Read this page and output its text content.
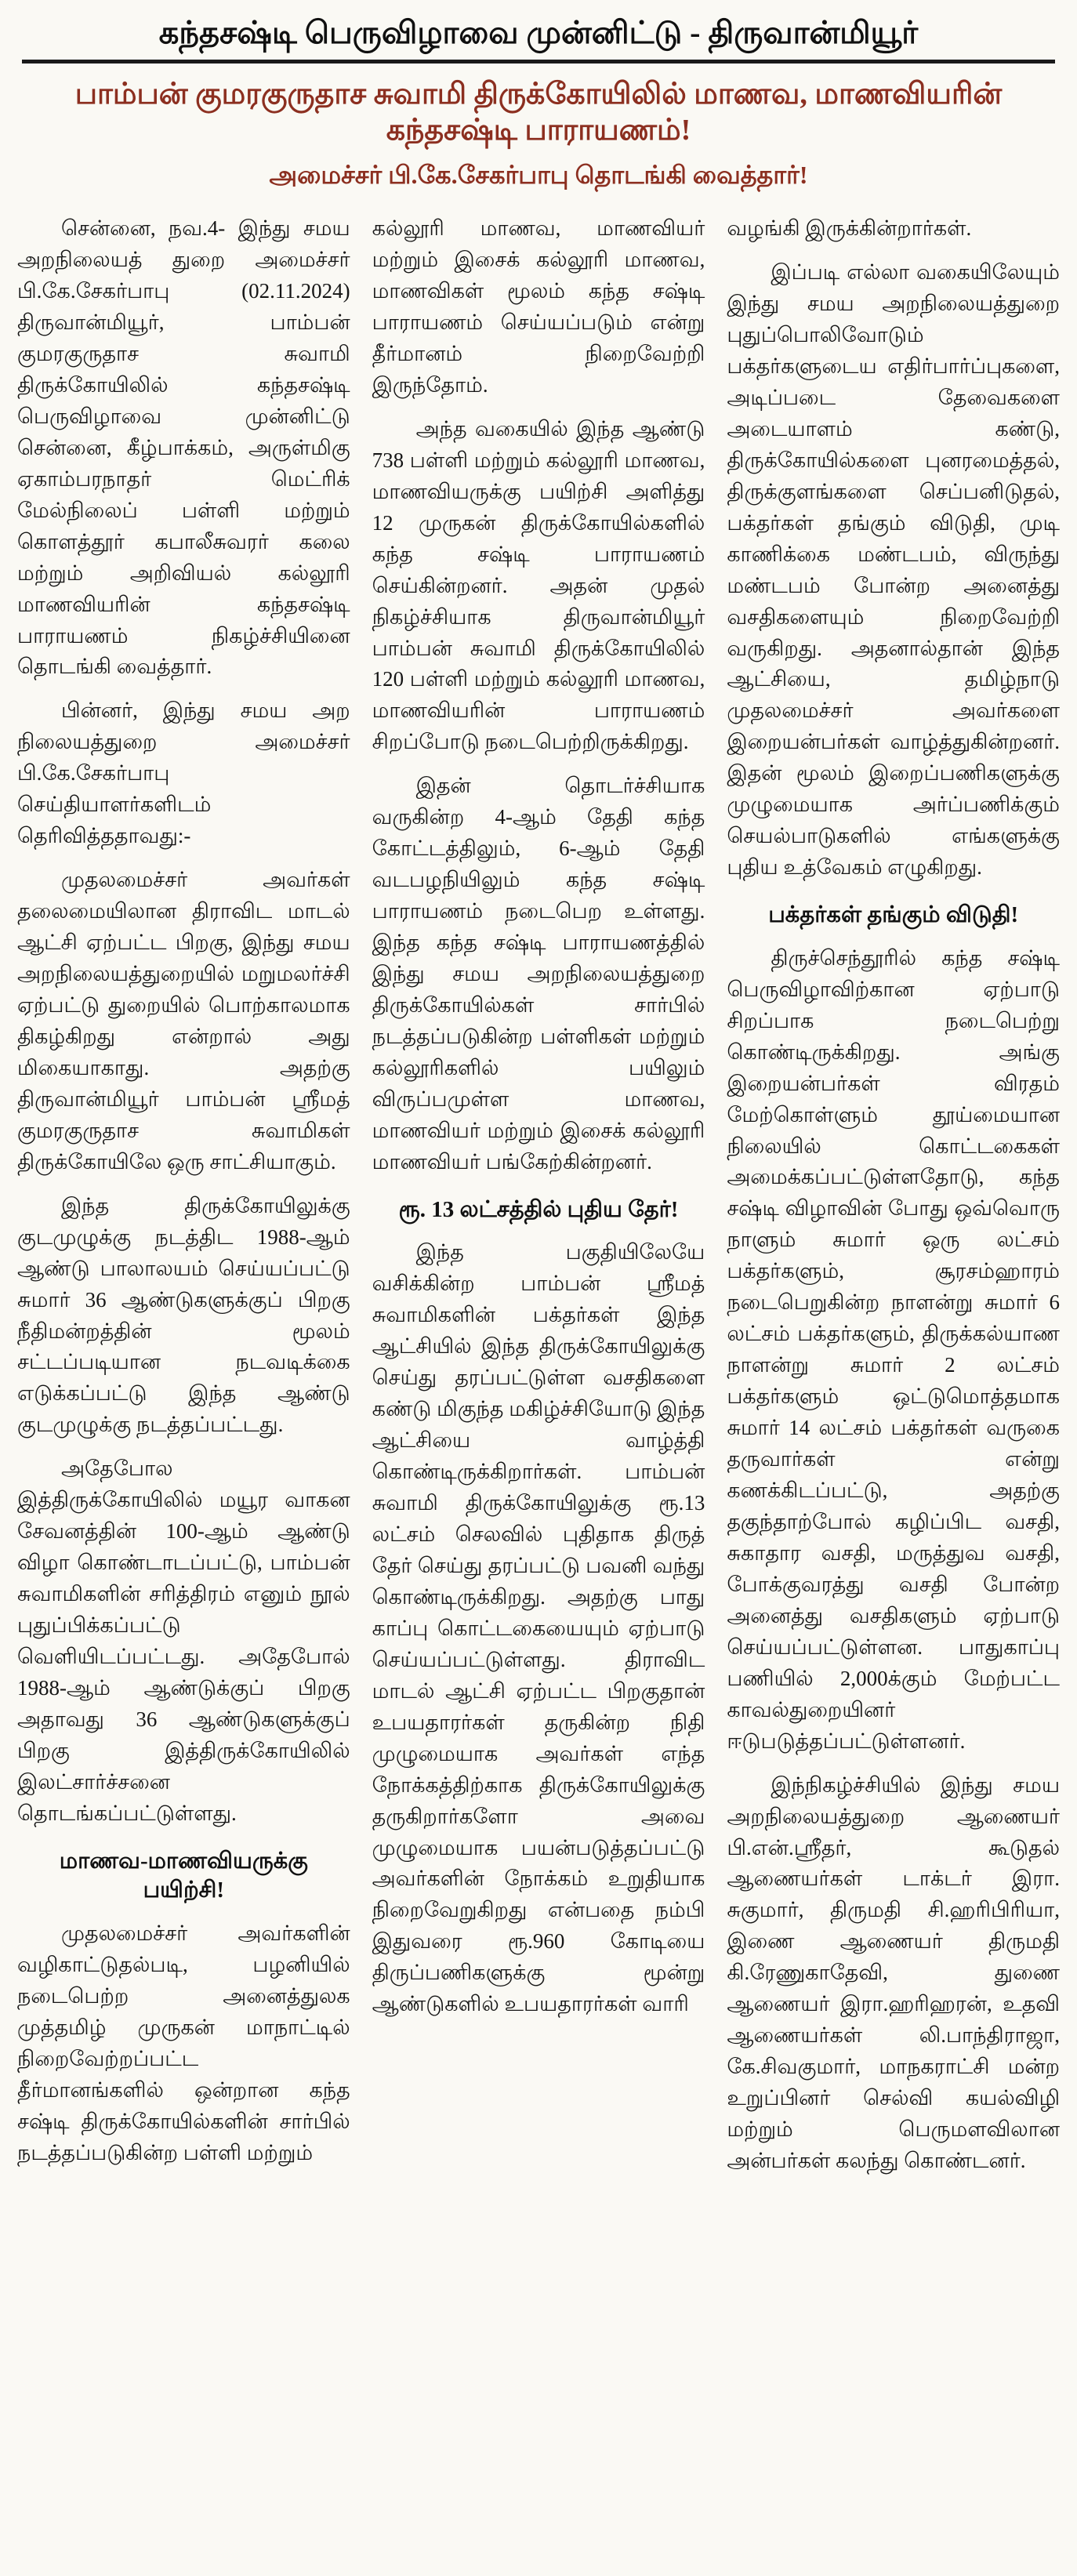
கந்தசஷ்டி பெருவிழாவை முன்னிட்டு - திருவான்மியூர்
பாம்பன் குமரகுருதாச சுவாமி திருக்கோயிலில் மாணவ, மாணவியரின் கந்தசஷ்டி பாராயணம்!
அமைச்சர் பி.கே.சேகர்பாபு தொடங்கி வைத்தார்!

சென்னை, நவ.4- இந்து சமய அறநிலையத் துறை அமைச்சர் பி.கே.சேகர்பாபு (02.11.2024) திருவான்மியூர், பாம்பன் குமரகுருதாச சுவாமி திருக்கோயிலில் கந்தசஷ்டி பெருவிழாவை முன்னிட்டு சென்னை, கீழ்பாக்கம், அருள்மிகு ஏகாம்பரநாதர் மெட்ரிக் மேல்நிலைப் பள்ளி மற்றும் கொளத்தூர் கபாலீசுவரர் கலை மற்றும் அறிவியல் கல்லூரி மாணவியரின் கந்தசஷ்டி பாராயணம் நிகழ்ச்சியினை தொடங்கி வைத்தார்.

பின்னர், இந்து சமய அற நிலையத்துறை அமைச்சர் பி.கே.சேகர்பாபு செய்தியாளர்களிடம் தெரிவித்ததாவது:-

முதலமைச்சர் அவர்கள் தலைமையிலான திராவிட மாடல் ஆட்சி ஏற்பட்ட பிறகு, இந்து சமய அறநிலையத்துறையில் மறுமலர்ச்சி ஏற்பட்டு துறையில் பொற்காலமாக திகழ்கிறது என்றால் அது மிகையாகாது. அதற்கு திருவான்மியூர் பாம்பன் ஸ்ரீமத் குமரகுருதாச சுவாமிகள் திருக்கோயிலே ஒரு சாட்சியாகும்.

இந்த திருக்கோயிலுக்கு குடமுழுக்கு நடத்திட 1988-ஆம் ஆண்டு பாலாலயம் செய்யப்பட்டு சுமார் 36 ஆண்டுகளுக்குப் பிறகு நீதிமன்றத்தின் மூலம் சட்டப்படியான நடவடிக்கை எடுக்கப்பட்டு இந்த ஆண்டு குடமுழுக்கு நடத்தப்பட்டது.

அதேபோல இத்திருக்கோயிலில் மயூர வாகன சேவனத்தின் 100-ஆம் ஆண்டு விழா கொண்டாடப்பட்டு, பாம்பன் சுவாமிகளின் சரித்திரம் எனும் நூல் புதுப்பிக்கப்பட்டு வெளியிடப்பட்டது. அதேபோல் 1988-ஆம் ஆண்டுக்குப் பிறகு அதாவது 36 ஆண்டுகளுக்குப் பிறகு இத்திருக்கோயிலில் இலட்சார்ச்சனை தொடங்கப்பட்டுள்ளது.

மாணவ-மாணவியருக்கு பயிற்சி!

முதலமைச்சர் அவர்களின் வழிகாட்டுதல்படி, பழனியில் நடைபெற்ற அனைத்துலக முத்தமிழ் முருகன் மாநாட்டில் நிறைவேற்றப்பட்ட தீர்மானங்களில் ஒன்றான கந்த சஷ்டி திருக்கோயில்களின் சார்பில் நடத்தப்படுகின்ற பள்ளி மற்றும்

கல்லூரி மாணவ, மாணவியர் மற்றும் இசைக் கல்லூரி மாணவ, மாணவிகள் மூலம் கந்த சஷ்டி பாராயணம் செய்யப்படும் என்று தீர்மானம் நிறைவேற்றி இருந்தோம்.

அந்த வகையில் இந்த ஆண்டு 738 பள்ளி மற்றும் கல்லூரி மாணவ, மாணவியருக்கு பயிற்சி அளித்து 12 முருகன் திருக்கோயில்களில் கந்த சஷ்டி பாராயணம் செய்கின்றனர். அதன் முதல் நிகழ்ச்சியாக திருவான்மியூர் பாம்பன் சுவாமி திருக்கோயிலில் 120 பள்ளி மற்றும் கல்லூரி மாணவ, மாணவியரின் பாராயணம் சிறப்போடு நடைபெற்றிருக்கிறது.

இதன் தொடர்ச்சியாக வருகின்ற 4-ஆம் தேதி கந்த கோட்டத்திலும், 6-ஆம் தேதி வடபழநியிலும் கந்த சஷ்டி பாராயணம் நடைபெற உள்ளது. இந்த கந்த சஷ்டி பாராயணத்தில் இந்து சமய அறநிலையத்துறை திருக்கோயில்கள் சார்பில் நடத்தப்படுகின்ற பள்ளிகள் மற்றும் கல்லூரிகளில் பயிலும் விருப்பமுள்ள மாணவ, மாணவியர் மற்றும் இசைக் கல்லூரி மாணவியர் பங்கேற்கின்றனர்.

ரூ. 13 லட்சத்தில் புதிய தேர்!

இந்த பகுதியிலேயே வசிக்கின்ற பாம்பன் ஸ்ரீமத் சுவாமிகளின் பக்தர்கள் இந்த ஆட்சியில் இந்த திருக்கோயிலுக்கு செய்து தரப்பட்டுள்ள வசதிகளை கண்டு மிகுந்த மகிழ்ச்சியோடு இந்த ஆட்சியை வாழ்த்தி கொண்டிருக்கிறார்கள். பாம்பன் சுவாமி திருக்கோயிலுக்கு ரூ.13 லட்சம் செலவில் புதிதாக திருத் தேர் செய்து தரப்பட்டு பவனி வந்து கொண்டிருக்கிறது. அதற்கு பாது காப்பு கொட்டகையையும் ஏற்பாடு செய்யப்பட்டுள்ளது. திராவிட மாடல் ஆட்சி ஏற்பட்ட பிறகுதான் உபயதாரர்கள் தருகின்ற நிதி முழுமையாக அவர்கள் எந்த நோக்கத்திற்காக திருக்கோயிலுக்கு தருகிறார்களோ அவை முழுமையாக பயன்படுத்தப்பட்டு அவர்களின் நோக்கம் உறுதியாக நிறைவேறுகிறது என்பதை நம்பி இதுவரை ரூ.960 கோடியை திருப்பணிகளுக்கு மூன்று ஆண்டுகளில் உபயதாரர்கள் வாரி

வழங்கி இருக்கின்றார்கள்.

இப்படி எல்லா வகையிலேயும் இந்து சமய அறநிலையத்துறை புதுப்பொலிவோடும் பக்தர்களுடைய எதிர்பார்ப்புகளை, அடிப்படை தேவைகளை அடையாளம் கண்டு, திருக்கோயில்களை புனரமைத்தல், திருக்குளங்களை செப்பனிடுதல், பக்தர்கள் தங்கும் விடுதி, முடி காணிக்கை மண்டபம், விருந்து மண்டபம் போன்ற அனைத்து வசதிகளையும் நிறைவேற்றி வருகிறது. அதனால்தான் இந்த ஆட்சியை, தமிழ்நாடு முதலமைச்சர் அவர்களை இறையன்பர்கள் வாழ்த்துகின்றனர். இதன் மூலம் இறைப்பணிகளுக்கு முழுமையாக அர்ப்பணிக்கும் செயல்பாடுகளில் எங்களுக்கு புதிய உத்வேகம் எழுகிறது.

பக்தர்கள் தங்கும் விடுதி!

திருச்செந்தூரில் கந்த சஷ்டி பெருவிழாவிற்கான ஏற்பாடு சிறப்பாக நடைபெற்று கொண்டிருக்கிறது. அங்கு இறையன்பர்கள் விரதம் மேற்கொள்ளும் தூய்மையான நிலையில் கொட்டகைகள் அமைக்கப்பட்டுள்ளதோடு, கந்த சஷ்டி விழாவின் போது ஒவ்வொரு நாளும் சுமார் ஒரு லட்சம் பக்தர்களும், சூரசம்ஹாரம் நடைபெறுகின்ற நாளன்று சுமார் 6 லட்சம் பக்தர்களும், திருக்கல்யாண நாளன்று சுமார் 2 லட்சம் பக்தர்களும் ஒட்டுமொத்தமாக சுமார் 14 லட்சம் பக்தர்கள் வருகை தருவார்கள் என்று கணக்கிடப்பட்டு, அதற்கு தகுந்தாற்போல் கழிப்பிட வசதி, சுகாதார வசதி, மருத்துவ வசதி, போக்குவரத்து வசதி போன்ற அனைத்து வசதிகளும் ஏற்பாடு செய்யப்பட்டுள்ளன. பாதுகாப்பு பணியில் 2,000க்கும் மேற்பட்ட காவல்துறையினர் ஈடுபடுத்தப்பட்டுள்ளனர்.

இந்நிகழ்ச்சியில் இந்து சமய அறநிலையத்துறை ஆணையர் பி.என்.ஸ்ரீதர், கூடுதல் ஆணையர்கள் டாக்டர் இரா. சுகுமார், திருமதி சி.ஹரிபிரியா, இணை ஆணையர் திருமதி கி.ரேணுகாதேவி, துணை ஆணையர் இரா.ஹரிஹரன், உதவி ஆணையர்கள் லி.பாந்திராஜா, கே.சிவகுமார், மாநகராட்சி மன்ற உறுப்பினர் செல்வி கயல்விழி மற்றும் பெருமளவிலான அன்பர்கள் கலந்து கொண்டனர்.
